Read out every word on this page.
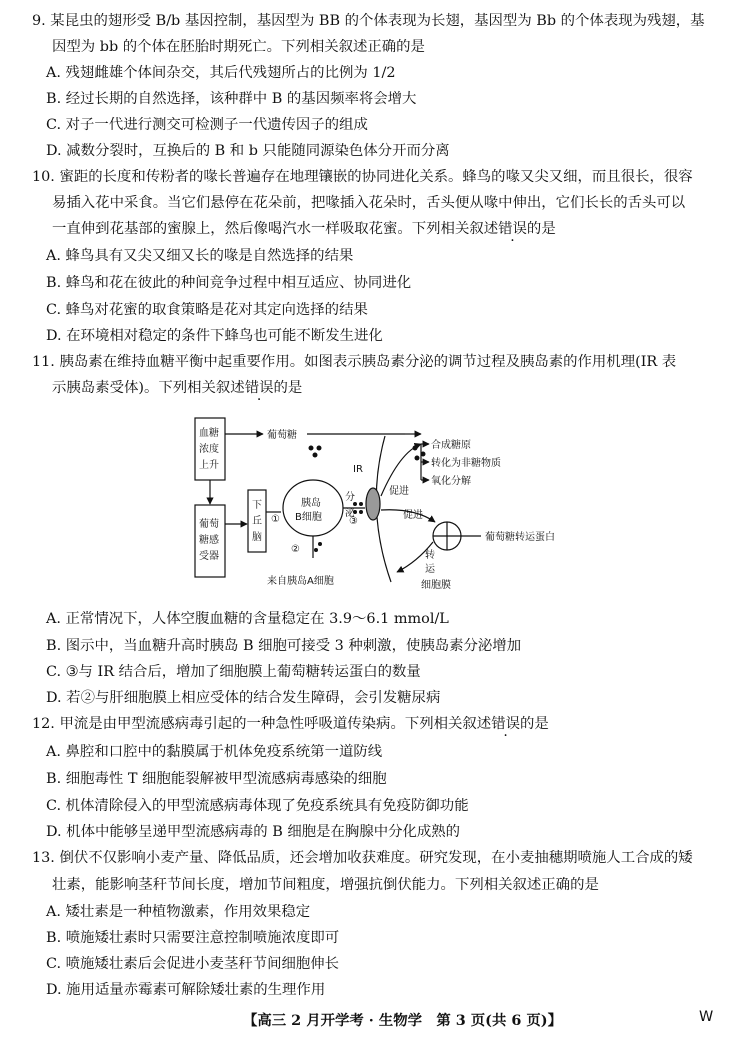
9. 某昆虫的翅形受 B/b 基因控制，基因型为 BB 的个体表现为长翅，基因型为 Bb 的个体表现为残翅，基
因型为 bb 的个体在胚胎时期死亡。下列相关叙述正确的是
A. 残翅雌雄个体间杂交，其后代残翅所占的比例为 1/2
B. 经过长期的自然选择，该种群中 B 的基因频率将会增大
C. 对子一代进行测交可检测子一代遗传因子的组成
D. 减数分裂时，互换后的 B 和 b 只能随同源染色体分开而分离
10. 蜜距的长度和传粉者的喙长普遍存在地理镶嵌的协同进化关系。蜂鸟的喙又尖又细，而且很长，很容
易插入花中采食。当它们悬停在花朵前，把喙插入花朵时，舌头便从喙中伸出，它们长长的舌头可以
一直伸到花基部的蜜腺上，然后像喝汽水一样吸取花蜜。下列相关叙述错误的是
A. 蜂鸟具有又尖又细又长的喙是自然选择的结果
B. 蜂鸟和花在彼此的种间竞争过程中相互适应、协同进化
C. 蜂鸟对花蜜的取食策略是花对其定向选择的结果
D. 在环境相对稳定的条件下蜂鸟也可能不断发生进化
11. 胰岛素在维持血糖平衡中起重要作用。如图表示胰岛素分泌的调节过程及胰岛素的作用机理(IR 表
示胰岛素受体)。下列相关叙述错误的是
血糖
浓度
上升
葡萄糖
葡萄
糖感
受器
下
丘
脑
胰岛
B细胞
①
②
③
分
泌
来自胰岛A细胞
IR
促进
促进
合成糖原
转化为非糖物质
氧化分解
葡萄糖转运蛋白
转
运
细胞膜
A. 正常情况下，人体空腹血糖的含量稳定在 3.9～6.1 mmol/L
B. 图示中，当血糖升高时胰岛 B 细胞可接受 3 种刺激，使胰岛素分泌增加
C. ③与 IR 结合后，增加了细胞膜上葡萄糖转运蛋白的数量
D. 若②与肝细胞膜上相应受体的结合发生障碍，会引发糖尿病
12. 甲流是由甲型流感病毒引起的一种急性呼吸道传染病。下列相关叙述错误的是
A. 鼻腔和口腔中的黏膜属于机体免疫系统第一道防线
B. 细胞毒性 T 细胞能裂解被甲型流感病毒感染的细胞
C. 机体清除侵入的甲型流感病毒体现了免疫系统具有免疫防御功能
D. 机体中能够呈递甲型流感病毒的 B 细胞是在胸腺中分化成熟的
13. 倒伏不仅影响小麦产量、降低品质，还会增加收获难度。研究发现，在小麦抽穗期喷施人工合成的矮
壮素，能影响茎秆节间长度，增加节间粗度，增强抗倒伏能力。下列相关叙述正确的是
A. 矮壮素是一种植物激素，作用效果稳定
B. 喷施矮壮素时只需要注意控制喷施浓度即可
C. 喷施矮壮素后会促进小麦茎秆节间细胞伸长
D. 施用适量赤霉素可解除矮壮素的生理作用
【高三 2 月开学考 · 生物学　第 3 页(共 6 页)】	W
